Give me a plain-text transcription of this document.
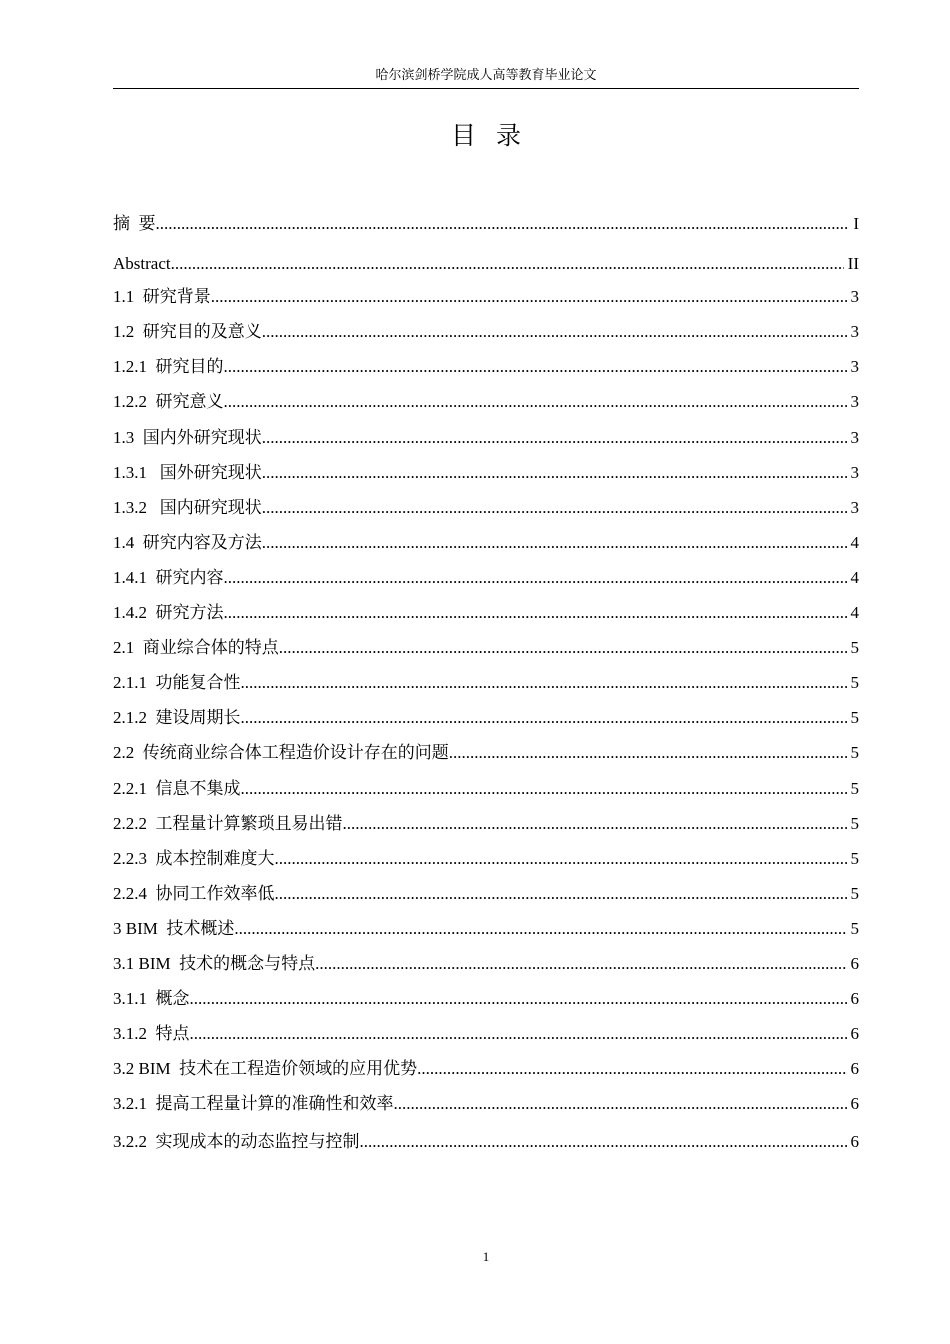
哈尔滨剑桥学院成人高等教育毕业论文
目录
摘  要 .....	I
Abstract .....	II
1.1  研究背景 .....	3
1.2  研究目的及意义 .....	3
1.2.1  研究目的 .....	3
1.2.2  研究意义 .....	3
1.3  国内外研究现状 .....	3
1.3.1   国外研究现状 .....	3
1.3.2   国内研究现状 .....	3
1.4  研究内容及方法 .....	4
1.4.1  研究内容 .....	4
1.4.2  研究方法 .....	4
2.1  商业综合体的特点 .....	5
2.1.1  功能复合性 .....	5
2.1.2  建设周期长 .....	5
2.2  传统商业综合体工程造价设计存在的问题 .....	5
2.2.1  信息不集成 .....	5
2.2.2  工程量计算繁琐且易出错 .....	5
2.2.3  成本控制难度大 .....	5
2.2.4  协同工作效率低 .....	5
3 BIM  技术概述 .....	5
3.1 BIM  技术的概念与特点 .....	6
3.1.1  概念 .....	6
3.1.2  特点 .....	6
3.2 BIM  技术在工程造价领域的应用优势 .....	6
3.2.1  提高工程量计算的准确性和效率 .....	6
3.2.2  实现成本的动态监控与控制 .....	6
1
